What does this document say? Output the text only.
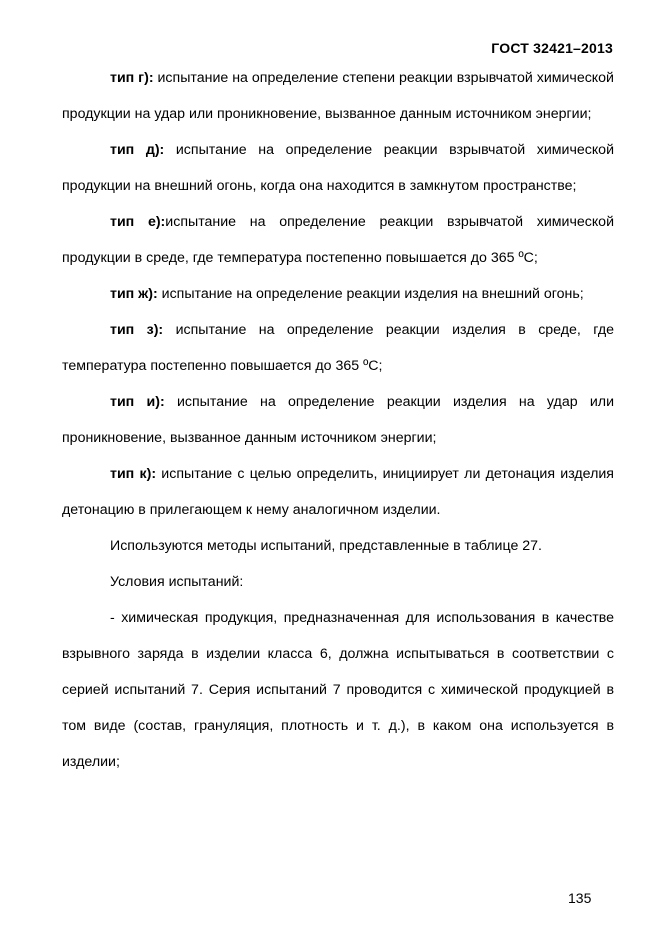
ГОСТ 32421–2013

тип г): испытание на определение степени реакции взрывчатой химической продукции на удар или проникновение, вызванное данным источником энергии;

тип д): испытание на определение реакции взрывчатой химической продукции на внешний огонь, когда она находится в замкнутом пространстве;

тип е):испытание на определение реакции взрывчатой химической продукции в среде, где температура постепенно повышается до 365 ºС;

тип ж): испытание на определение реакции изделия на внешний огонь;

тип з): испытание на определение реакции изделия в среде, где температура постепенно повышается до 365 ºС;

тип и): испытание на определение реакции изделия на удар или проникновение, вызванное данным источником энергии;

тип к): испытание с целью определить, инициирует ли детонация изделия детонацию в прилегающем к нему аналогичном изделии.

Используются методы испытаний, представленные в таблице 27.

Условия испытаний:

- химическая продукция, предназначенная для использования в качестве взрывного заряда в изделии класса 6, должна испытываться в соответствии с серией испытаний 7. Серия испытаний 7 проводится с химической продукцией в том виде (состав, грануляция, плотность и т. д.), в каком она используется в изделии;

135
